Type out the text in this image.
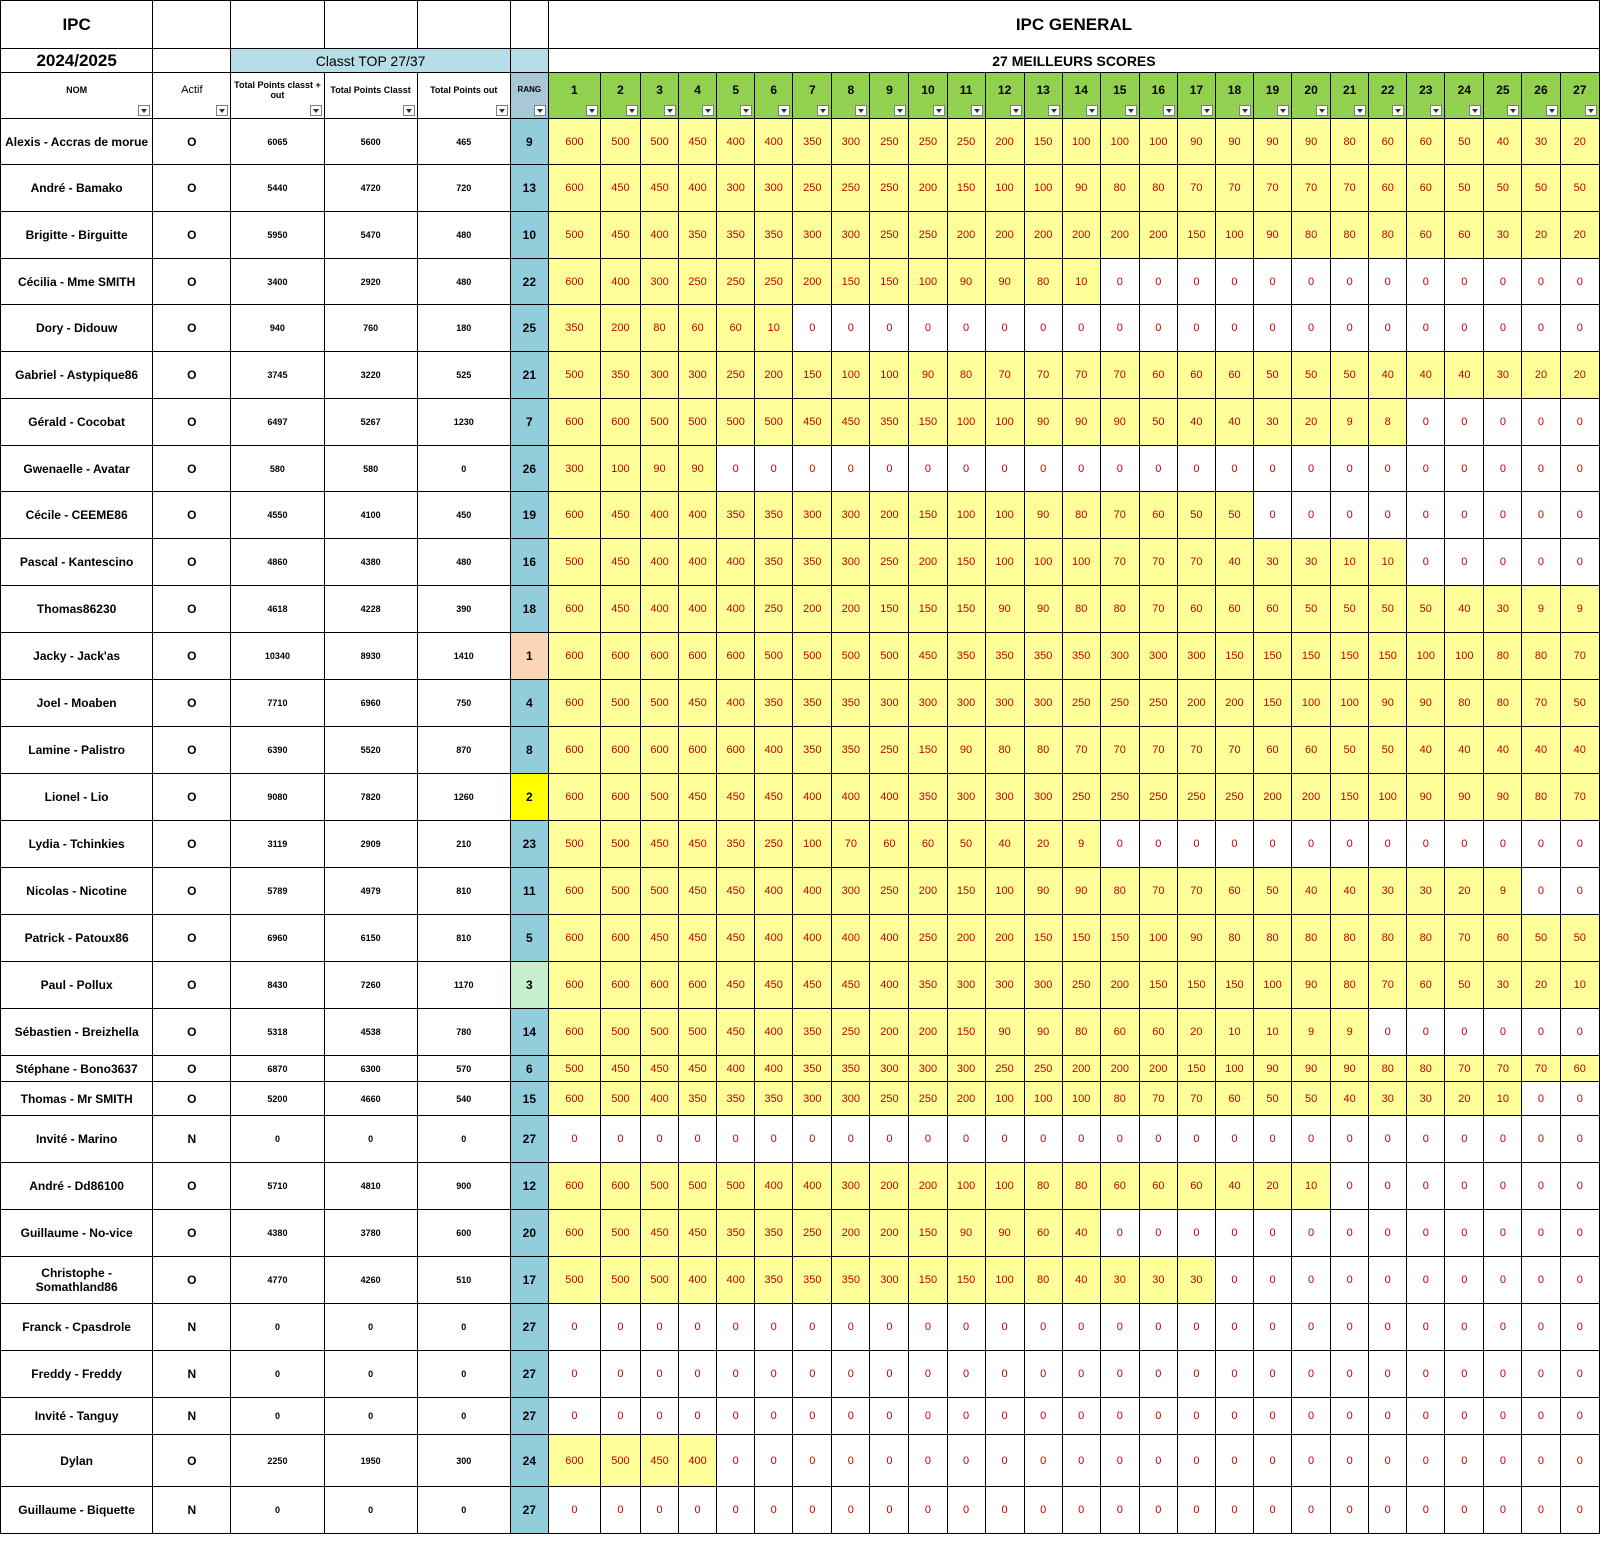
IPC						IPC GENERAL																										
2024/2025		Classt TOP 27/37				27 MEILLEURS SCORES																										

NOM	Actif	Total Points classt + out	Total Points Classt	Total Points out	RANG	1	2	3	4	5	6	7	8	9	10	11	12	13	14	15	16	17	18	19	20	21	22	23	24	25	26	27

Alexis - Accras de morue	O	6065	5600	465	9	600	500	500	450	400	400	350	300	250	250	250	200	150	100	100	100	90	90	90	90	80	60	60	50	40	30	20
André - Bamako	O	5440	4720	720	13	600	450	450	400	300	300	250	250	250	200	150	100	100	90	80	80	70	70	70	70	70	60	60	50	50	50	50
Brigitte - Birguitte	O	5950	5470	480	10	500	450	400	350	350	350	300	300	250	250	200	200	200	200	200	200	150	100	90	80	80	80	60	60	30	20	20
Cécilia - Mme SMITH	O	3400	2920	480	22	600	400	300	250	250	250	200	150	150	100	90	90	80	10	0	0	0	0	0	0	0	0	0	0	0	0	0
Dory - Didouw	O	940	760	180	25	350	200	80	60	60	10	0	0	0	0	0	0	0	0	0	0	0	0	0	0	0	0	0	0	0	0	0
Gabriel - Astypique86	O	3745	3220	525	21	500	350	300	300	250	200	150	100	100	90	80	70	70	70	70	60	60	60	50	50	50	40	40	40	30	20	20
Gérald - Cocobat	O	6497	5267	1230	7	600	600	500	500	500	500	450	450	350	150	100	100	90	90	90	50	40	40	30	20	9	8	0	0	0	0	0
Gwenaelle - Avatar	O	580	580	0	26	300	100	90	90	0	0	0	0	0	0	0	0	0	0	0	0	0	0	0	0	0	0	0	0	0	0	0
Cécile - CEEME86	O	4550	4100	450	19	600	450	400	400	350	350	300	300	200	150	100	100	90	80	70	60	50	50	0	0	0	0	0	0	0	0	0
Pascal - Kantescino	O	4860	4380	480	16	500	450	400	400	400	350	350	300	250	200	150	100	100	100	70	70	70	40	30	30	10	10	0	0	0	0	0
Thomas86230	O	4618	4228	390	18	600	450	400	400	400	250	200	200	150	150	150	90	90	80	80	70	60	60	60	50	50	50	50	40	30	9	9
Jacky - Jack'as	O	10340	8930	1410	1	600	600	600	600	600	500	500	500	500	450	350	350	350	350	300	300	300	150	150	150	150	150	100	100	80	80	70
Joel - Moaben	O	7710	6960	750	4	600	500	500	450	400	350	350	350	300	300	300	300	300	250	250	250	200	200	150	100	100	90	90	80	80	70	50
Lamine - Palistro	O	6390	5520	870	8	600	600	600	600	600	400	350	350	250	150	90	80	80	70	70	70	70	70	60	60	50	50	40	40	40	40	40
Lionel - Lio	O	9080	7820	1260	2	600	600	500	450	450	450	400	400	400	350	300	300	300	250	250	250	250	250	200	200	150	100	90	90	90	80	70
Lydia - Tchinkies	O	3119	2909	210	23	500	500	450	450	350	250	100	70	60	60	50	40	20	9	0	0	0	0	0	0	0	0	0	0	0	0	0
Nicolas - Nicotine	O	5789	4979	810	11	600	500	500	450	450	400	400	300	250	200	150	100	90	90	80	70	70	60	50	40	40	30	30	20	9	0	0
Patrick - Patoux86	O	6960	6150	810	5	600	600	450	450	450	400	400	400	400	250	200	200	150	150	150	100	90	80	80	80	80	80	80	70	60	50	50
Paul - Pollux	O	8430	7260	1170	3	600	600	600	600	450	450	450	450	400	350	300	300	300	250	200	150	150	150	100	90	80	70	60	50	30	20	10
Sébastien - Breizhella	O	5318	4538	780	14	600	500	500	500	450	400	350	250	200	200	150	90	90	80	60	60	20	10	10	9	9	0	0	0	0	0	0
Stéphane - Bono3637	O	6870	6300	570	6	500	450	450	450	400	400	350	350	300	300	300	250	250	200	200	200	150	100	90	90	90	80	80	70	70	70	60
Thomas - Mr SMITH	O	5200	4660	540	15	600	500	400	350	350	350	300	300	250	250	200	100	100	100	80	70	70	60	50	50	40	30	30	20	10	0	0
Invité - Marino	N	0	0	0	27	0	0	0	0	0	0	0	0	0	0	0	0	0	0	0	0	0	0	0	0	0	0	0	0	0	0	0
André - Dd86100	O	5710	4810	900	12	600	600	500	500	500	400	400	300	200	200	100	100	80	80	60	60	60	40	20	10	0	0	0	0	0	0	0
Guillaume - No-vice	O	4380	3780	600	20	600	500	450	450	350	350	250	200	200	150	90	90	60	40	0	0	0	0	0	0	0	0	0	0	0	0	0
Christophe - Somathland86	O	4770	4260	510	17	500	500	500	400	400	350	350	350	300	150	150	100	80	40	30	30	30	0	0	0	0	0	0	0	0	0	0
Franck - Cpasdrole	N	0	0	0	27	0	0	0	0	0	0	0	0	0	0	0	0	0	0	0	0	0	0	0	0	0	0	0	0	0	0	0
Freddy - Freddy	N	0	0	0	27	0	0	0	0	0	0	0	0	0	0	0	0	0	0	0	0	0	0	0	0	0	0	0	0	0	0	0
Invité - Tanguy	N	0	0	0	27	0	0	0	0	0	0	0	0	0	0	0	0	0	0	0	0	0	0	0	0	0	0	0	0	0	0	0
Dylan	O	2250	1950	300	24	600	500	450	400	0	0	0	0	0	0	0	0	0	0	0	0	0	0	0	0	0	0	0	0	0	0	0
Guillaume - Biquette	N	0	0	0	27	0	0	0	0	0	0	0	0	0	0	0	0	0	0	0	0	0	0	0	0	0	0	0	0	0	0	0
